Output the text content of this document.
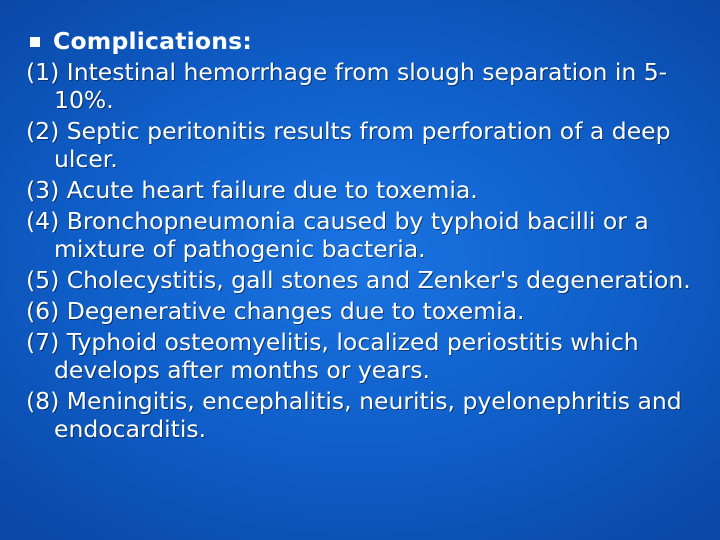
Complications:
(1) Intestinal hemorrhage from slough separation in 5-10%.
(2) Septic peritonitis results from perforation of a deep ulcer.
(3) Acute heart failure due to toxemia.
(4) Bronchopneumonia caused by typhoid bacilli or a mixture of pathogenic bacteria.
(5) Cholecystitis, gall stones and Zenker's degeneration.
(6) Degenerative changes due to toxemia.
(7) Typhoid osteomyelitis, localized periostitis which develops after months or years.
(8) Meningitis, encephalitis, neuritis, pyelonephritis and endocarditis.
